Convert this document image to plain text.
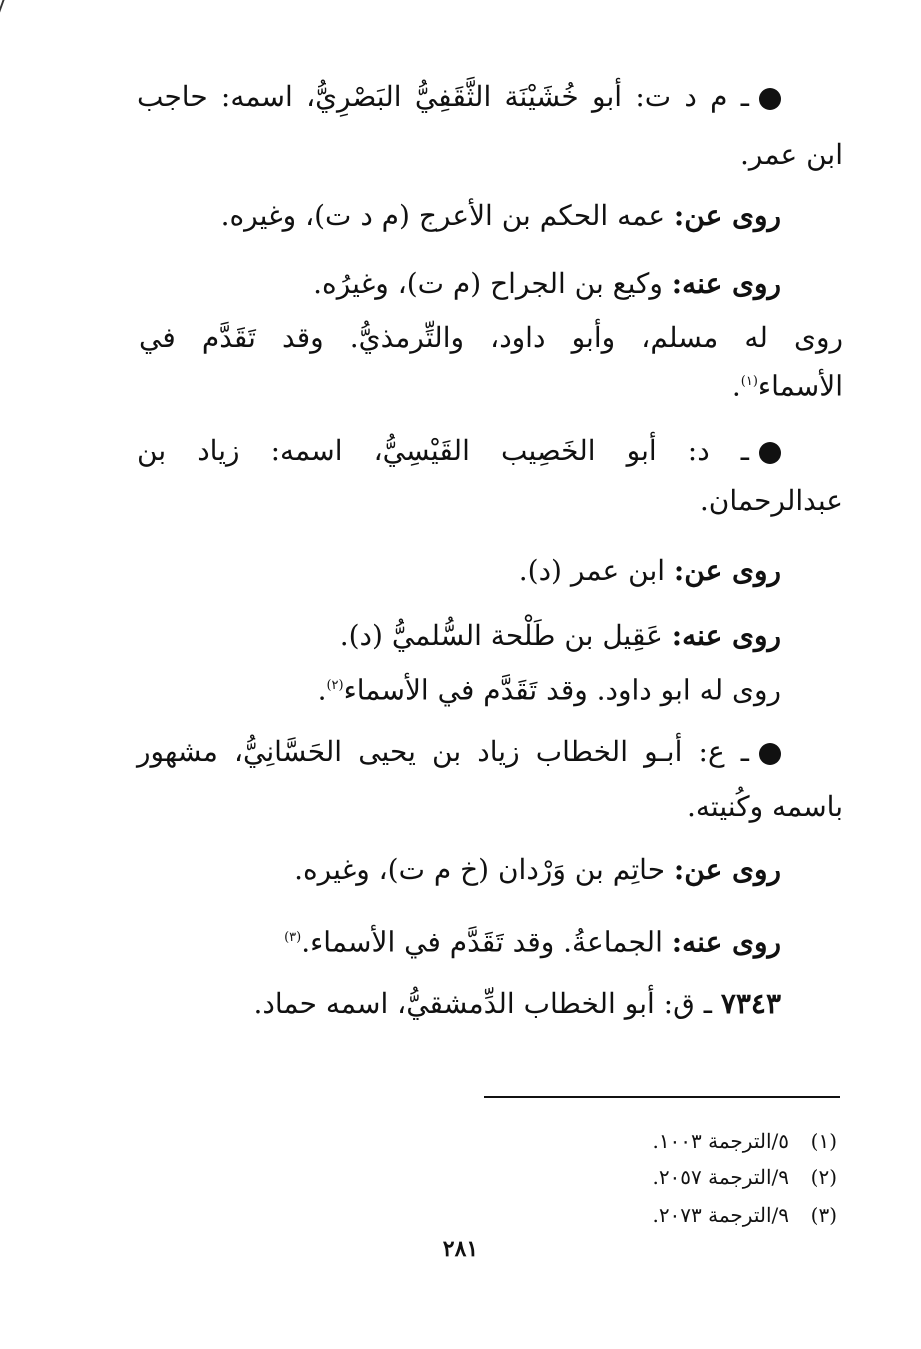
ـ م د ت: أبو خُشَيْنَة الثَّقَفِيُّ البَصْرِيُّ، اسمه: حاجب
ابن عمر.
روى عن: عمه الحكم بن الأعرج (م د ت)، وغيره.
روى عنه: وكيع بن الجراح (م ت)، وغيرُه.
روى له مسلم، وأبو داود، والتِّرمذيُّ. وقد تَقَدَّم في
الأسماء$^{(١)}$.
ـ د: أبو الخَصِيب القَيْسِيُّ، اسمه: زياد بن
عبدالرحمان.
روى عن: ابن عمر (د).
روى عنه: عَقِيل بن طَلْحة السُّلميُّ (د).
روى له ابو داود. وقد تَقَدَّم في الأسماء$^{(٢)}$.
ـ ع: أبـو الخطاب زياد بن يحيى الحَسَّانِيُّ، مشهور
باسمه وكُنيته.
روى عن: حاتِم بن وَرْدان (خ م ت)، وغيره.
روى عنه: الجماعةُ. وقد تَقَدَّم في الأسماء.$^{(٣)}$
٧٣٤٣ ـ ق: أبو الخطاب الدِّمشقيُّ، اسمه حماد.
(١)٥/الترجمة ١٠٠٣.
(٢)٩/الترجمة ٢٠٥٧.
(٣)٩/الترجمة ٢٠٧٣.
٢٨١
